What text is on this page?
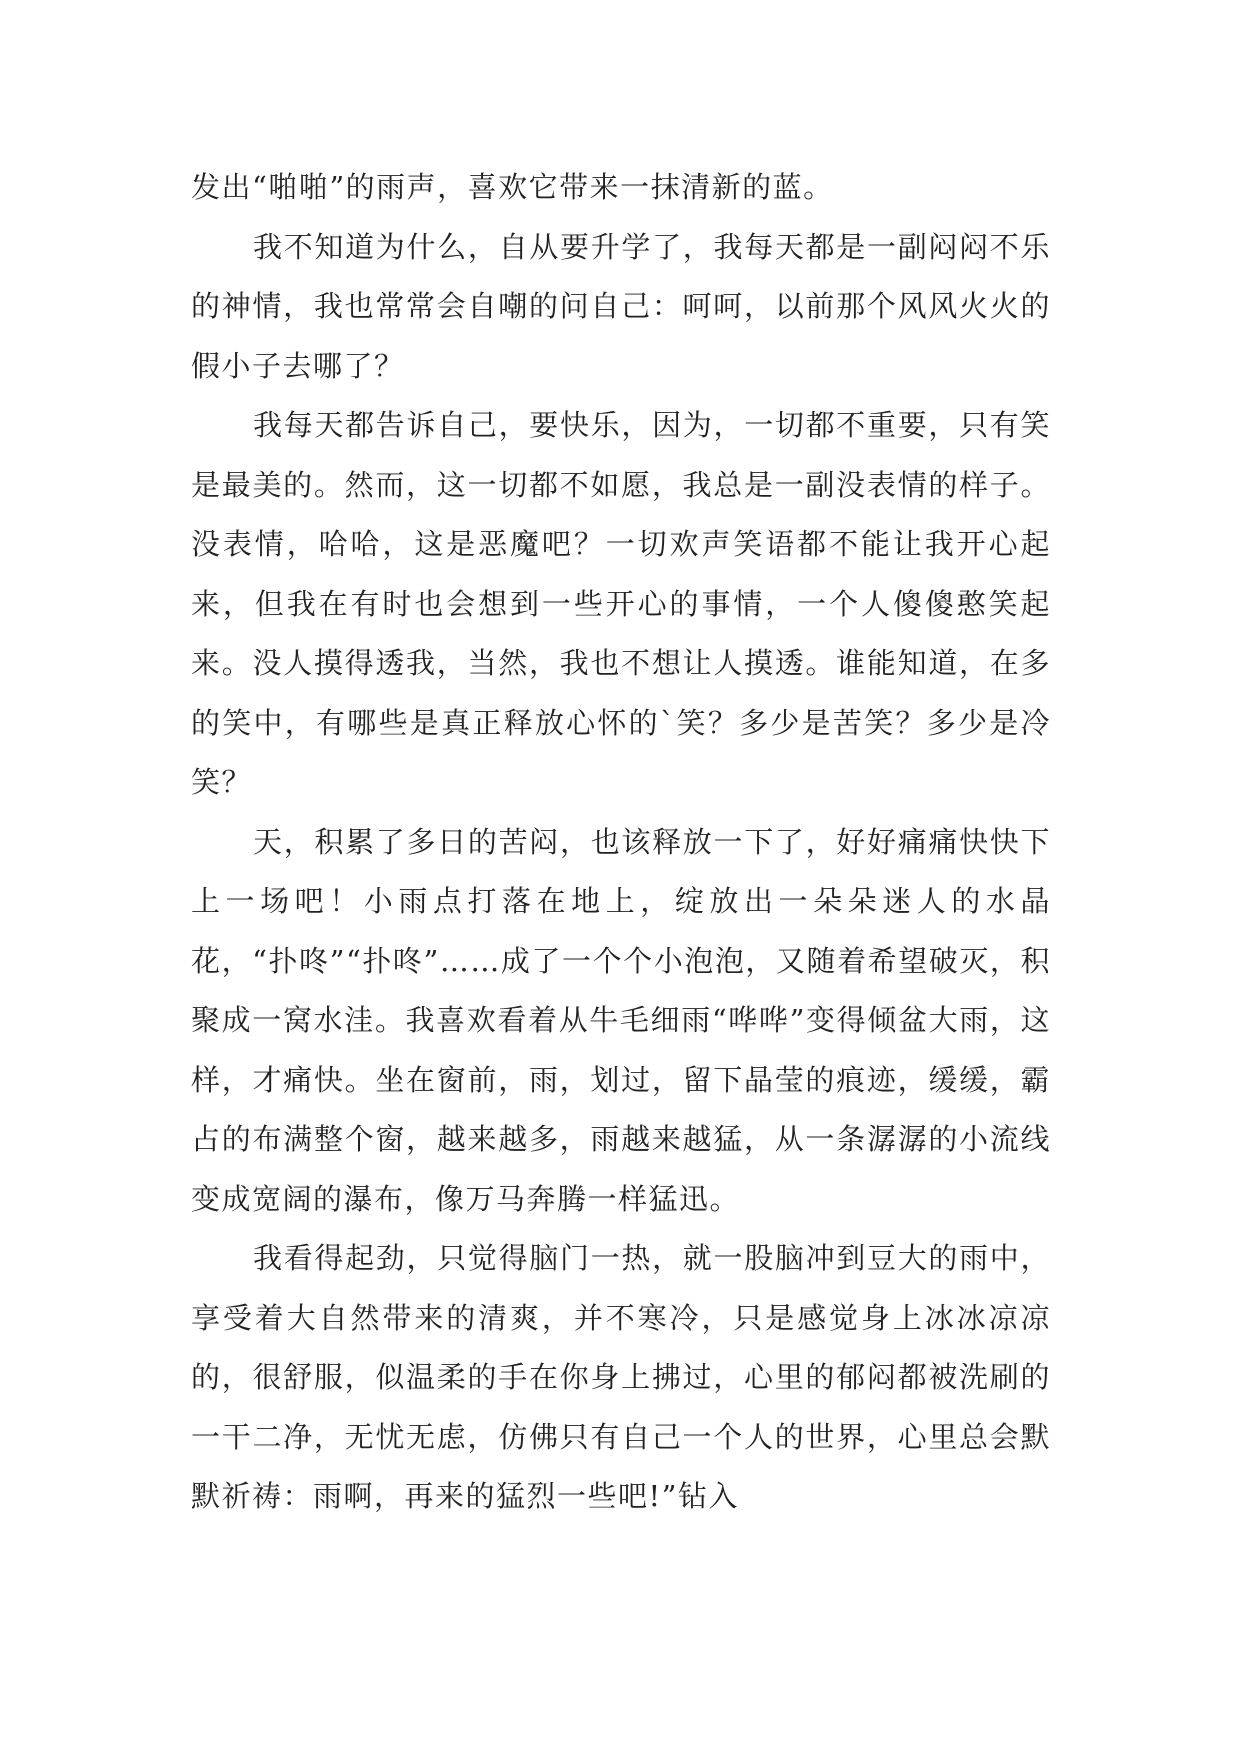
发出“啪啪”的雨声，喜欢它带来一抹清新的蓝。

我不知道为什么，自从要升学了，我每天都是一副闷闷不乐的神情，我也常常会自嘲的问自己：呵呵，以前那个风风火火的假小子去哪了？

我每天都告诉自己，要快乐，因为，一切都不重要，只有笑是最美的。然而，这一切都不如愿，我总是一副没表情的样子。没表情，哈哈，这是恶魔吧？一切欢声笑语都不能让我开心起来，但我在有时也会想到一些开心的事情，一个人傻傻憨笑起来。没人摸得透我，当然，我也不想让人摸透。谁能知道，在多的笑中，有哪些是真正释放心怀的`笑？多少是苦笑？多少是冷笑？

天，积累了多日的苦闷，也该释放一下了，好好痛痛快快下上一场吧！小雨点打落在地上，绽放出一朵朵迷人的水晶花，“扑咚”“扑咚”……成了一个个小泡泡，又随着希望破灭，积聚成一窝水洼。我喜欢看着从牛毛细雨“哗哗”变得倾盆大雨，这样，才痛快。坐在窗前，雨，划过，留下晶莹的痕迹，缓缓，霸占的布满整个窗，越来越多，雨越来越猛，从一条潺潺的小流线变成宽阔的瀑布，像万马奔腾一样猛迅。

我看得起劲，只觉得脑门一热，就一股脑冲到豆大的雨中，享受着大自然带来的清爽，并不寒冷，只是感觉身上冰冰凉凉的，很舒服，似温柔的手在你身上拂过，心里的郁闷都被洗刷的一干二净，无忧无虑，仿佛只有自己一个人的世界，心里总会默默祈祷：雨啊，再来的猛烈一些吧!”钻入
